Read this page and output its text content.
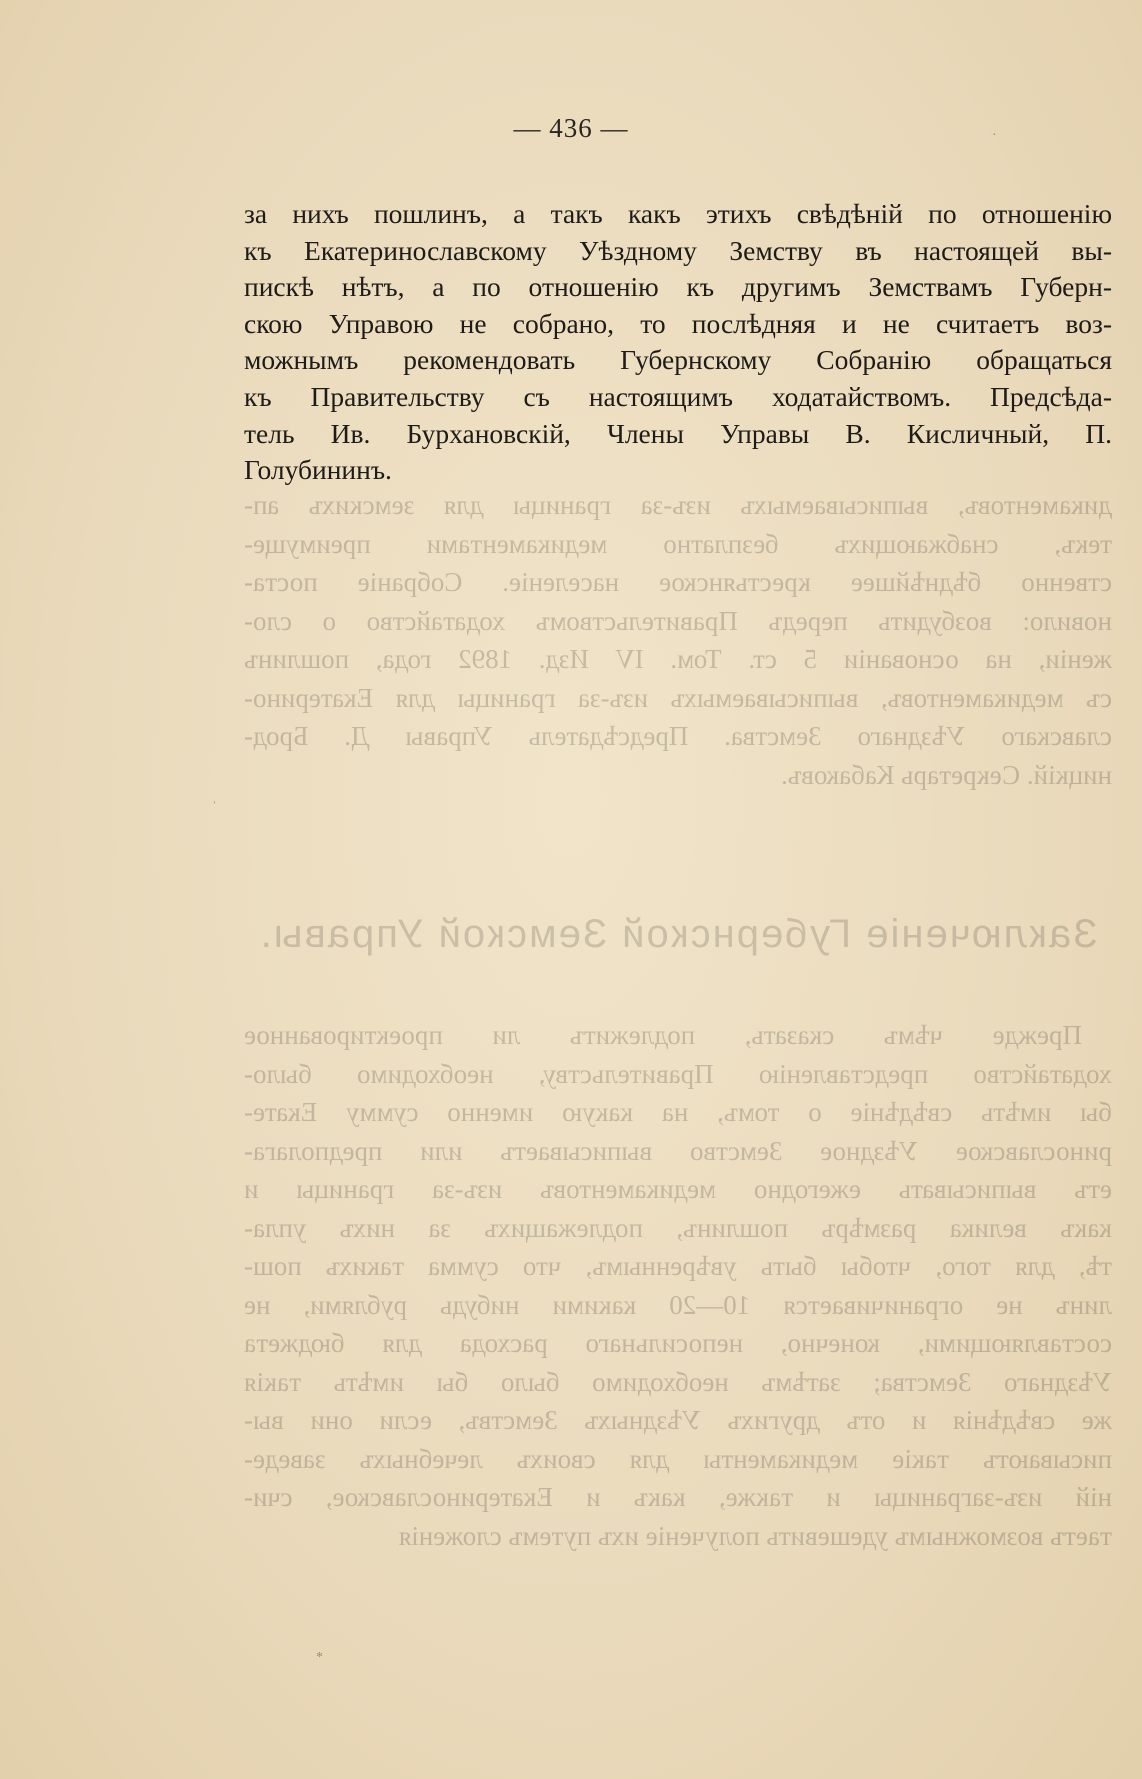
— 436 —
за нихъ пошлинъ, а такъ какъ этихъ свѣдѣній по отношенію
къ Екатеринославскому Уѣздному Земству въ настоящей вы-
пискѣ нѣтъ, а по отношенію къ другимъ Земствамъ Губерн-
скою Управою не собрано, то послѣдняя и не считаетъ воз-
можнымъ рекомендовать Губернскому Собранію обращаться
къ Правительству съ настоящимъ ходатайствомъ. Предсѣда-
тель Ив. Бурхановскій, Члены Управы В. Кисличный, П.
Голубининъ.
дикаментовъ, выписываемыхъ изъ-за границы для земскихъ ап-
текъ, снабжающихъ безплатно медикаментами преимуще-
ственно бѣднѣйшее крестьянское населеніе. Собраніе поста-
новило: возбудить передъ Правительствомъ ходатайство о сло-
женіи, на основаніи 5 ст. Том. IV Изд. 1892 года, пошлинъ
съ медикаментовъ, выписываемыхъ изъ-за границы для Екатерино-
славскаго Уѣзднаго Земства. Предсѣдатель Управы Д. Брод-
ницкій. Секретарь Кабаковъ.
Заключеніе Губернской Земской Управы.
Прежде чѣмъ сказать, подлежитъ ли проектированное
ходатайство представленію Правительству, необходимо было-
бы имѣть свѣдѣніе о томъ, на какую именно сумму Екате-
ринославское Уѣздное Земство выписываетъ или предполага-
етъ выписывать ежегодно медикаментовъ изъ-за границы и
какъ велика размѣръ пошлинъ, подлежащихъ за нихъ упла-
тѣ, для того, чтобы быть увѣреннымъ, что сумма такихъ пош-
линъ не ограничивается 10—20 какими нибудь рублями, не
составляющими, конечно, непосильнаго расхода для бюджета
Уѣзднаго Земства; затѣмъ необходимо было бы имѣть такія
же свѣдѣнія и отъ другихъ Уѣздныхъ Земствъ, если они вы-
писываютъ такіе медикаменты для своихъ лечебныхъ заведе-
ній изъ-заграницы и также, какъ и Екатеринославское, счи-
таетъ возможнымъ удешевить полученіе ихъ путемъ сложенія
·
ˈ
*
